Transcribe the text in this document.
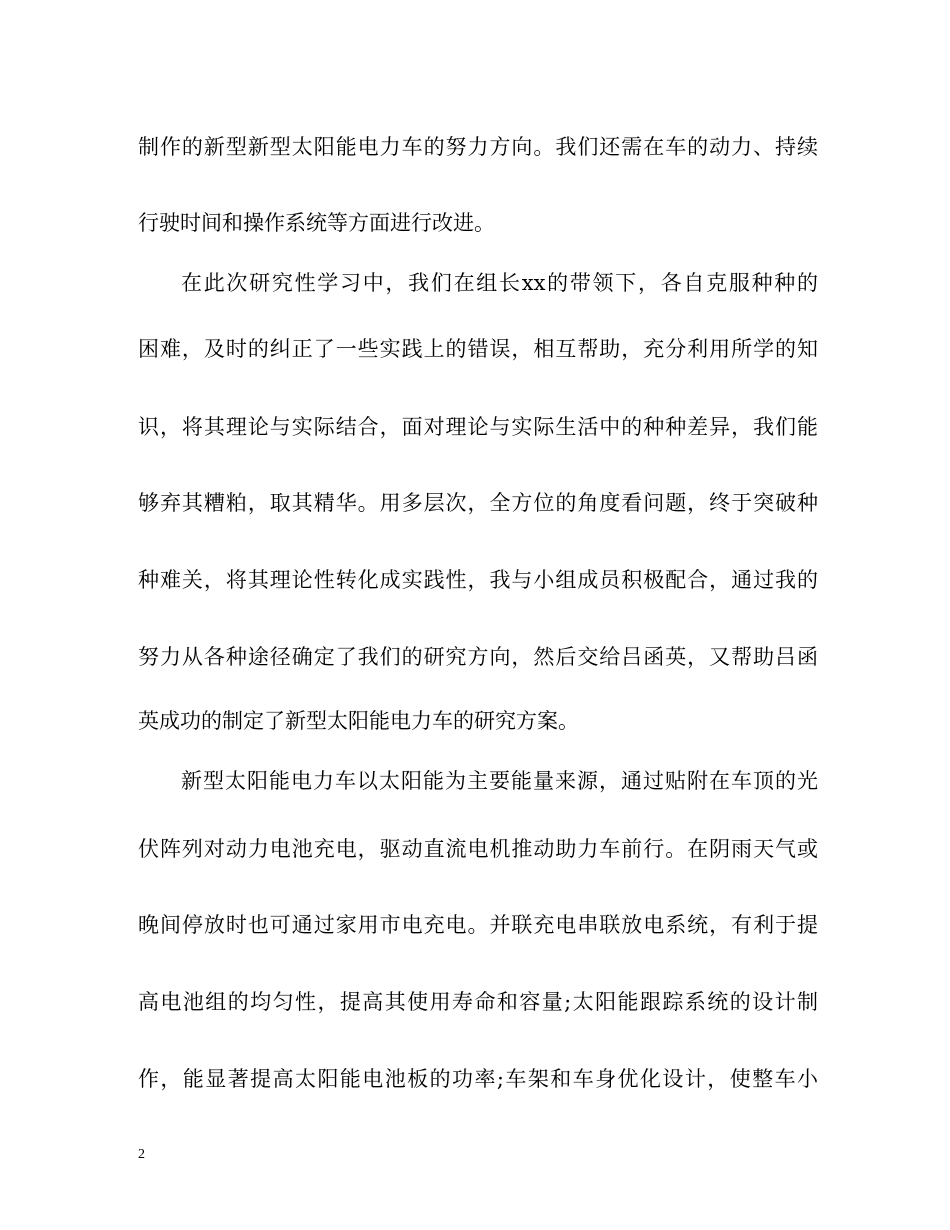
制作的新型新型太阳能电力车的努力方向。我们还需在车的动力、持续
行驶时间和操作系统等方面进行改进。
在此次研究性学习中，我们在组长xx的带领下，各自克服种种的
困难，及时的纠正了一些实践上的错误，相互帮助，充分利用所学的知
识，将其理论与实际结合，面对理论与实际生活中的种种差异，我们能
够弃其糟粕，取其精华。用多层次，全方位的角度看问题，终于突破种
种难关，将其理论性转化成实践性，我与小组成员积极配合，通过我的
努力从各种途径确定了我们的研究方向，然后交给吕函英，又帮助吕函
英成功的制定了新型太阳能电力车的研究方案。
新型太阳能电力车以太阳能为主要能量来源，通过贴附在车顶的光
伏阵列对动力电池充电，驱动直流电机推动助力车前行。在阴雨天气或
晚间停放时也可通过家用市电充电。并联充电串联放电系统，有利于提
高电池组的均匀性，提高其使用寿命和容量;太阳能跟踪系统的设计制
作，能显著提高太阳能电池板的功率;车架和车身优化设计，使整车小
2
